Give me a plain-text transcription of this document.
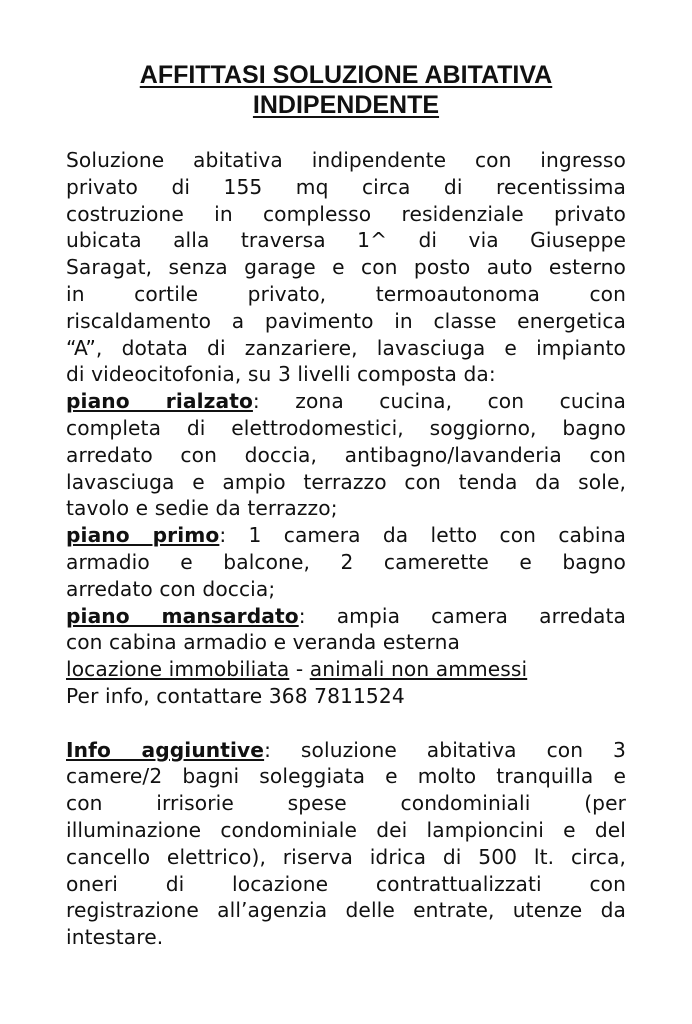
AFFITTASI SOLUZIONE ABITATIVA
INDIPENDENTE

Soluzione abitativa indipendente con ingresso

privato di 155 mq circa di recentissima

costruzione in complesso residenziale privato

ubicata alla traversa 1^ di via Giuseppe

Saragat, senza garage e con posto auto esterno

in cortile privato, termoautonoma con

riscaldamento a pavimento in classe energetica

“A”, dotata di zanzariere, lavasciuga e impianto

di videocitofonia, su 3 livelli composta da:

piano rialzato: zona cucina, con cucina

completa di elettrodomestici, soggiorno, bagno

arredato con doccia, antibagno/lavanderia con

lavasciuga e ampio terrazzo con tenda da sole,

tavolo e sedie da terrazzo;

piano primo: 1 camera da letto con cabina

armadio e balcone, 2 camerette e bagno

arredato con doccia;

piano mansardato: ampia camera arredata

con cabina armadio e veranda esterna

locazione immobiliata - animali non ammessi

Per info, contattare 368 7811524

Info aggiuntive: soluzione abitativa con 3

camere/2 bagni soleggiata e molto tranquilla e

con irrisorie spese condominiali (per

illuminazione condominiale dei lampioncini e del

cancello elettrico), riserva idrica di 500 lt. circa,

oneri di locazione contrattualizzati con

registrazione all’agenzia delle entrate, utenze da

intestare.
